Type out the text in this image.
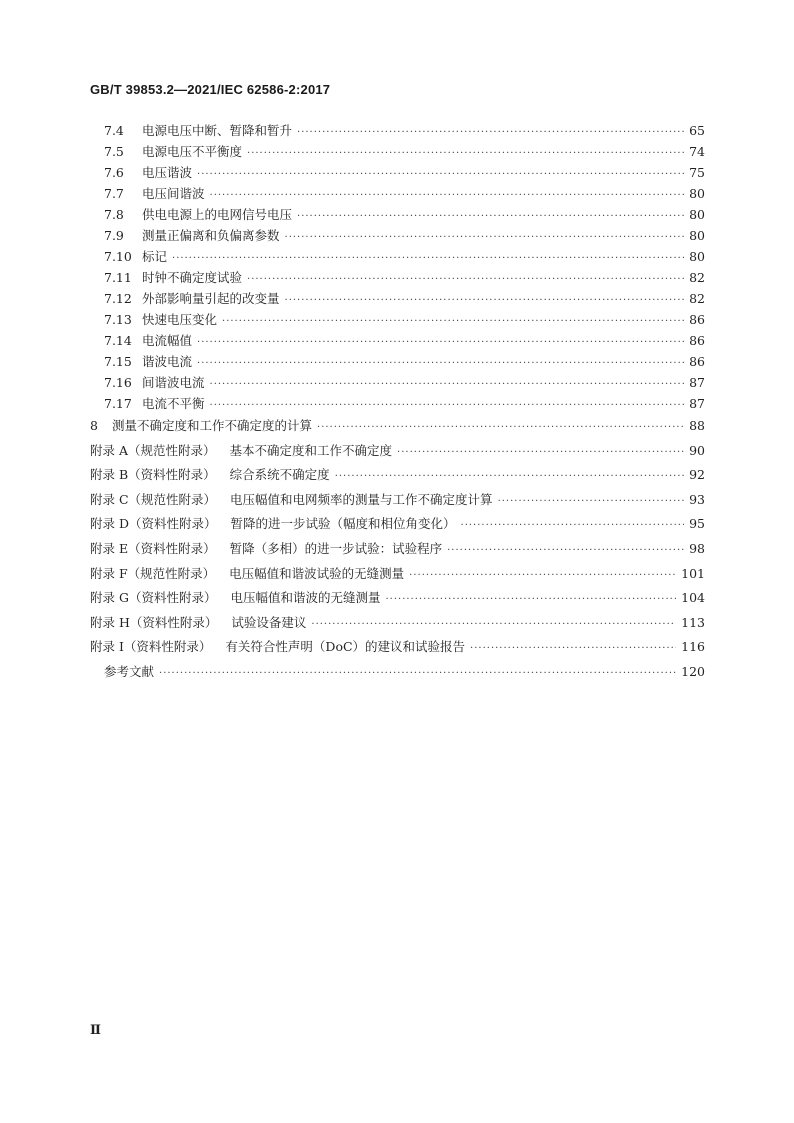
GB/T 39853.2—2021/IEC 62586-2:2017
7.4	电源电压中断、暂降和暂升 ·····	65
7.5	电源电压不平衡度 ·····	74
7.6	电压谐波 ·····	75
7.7	电压间谐波 ·····	80
7.8	供电电源上的电网信号电压 ·····	80
7.9	测量正偏离和负偏离参数 ·····	80
7.10 标记 ·····	80
7.11 时钟不确定度试验 ·····	82
7.12 外部影响量引起的改变量 ·····	82
7.13 快速电压变化 ·····	86
7.14 电流幅值 ·····	86
7.15 谐波电流 ·····	86
7.16 间谐波电流 ·····	87
7.17 电流不平衡 ·····	87
8	测量不确定度和工作不确定度的计算 ·····	88
附录 A（规范性附录） 基本不确定度和工作不确定度 ·····	90
附录 B（资料性附录） 综合系统不确定度 ·····	92
附录 C（规范性附录） 电压幅值和电网频率的测量与工作不确定度计算 ·····	93
附录 D（资料性附录） 暂降的进一步试验（幅度和相位角变化） ·····	95
附录 E（资料性附录） 暂降（多相）的进一步试验：试验程序 ·····	98
附录 F（规范性附录） 电压幅值和谐波试验的无缝测量 ·····	101
附录 G（资料性附录） 电压幅值和谐波的无缝测量 ·····	104
附录 H（资料性附录） 试验设备建议 ·····	113
附录 I（资料性附录） 有关符合性声明（DoC）的建议和试验报告 ·····	116
参考文献 ·····	120
Ⅱ
